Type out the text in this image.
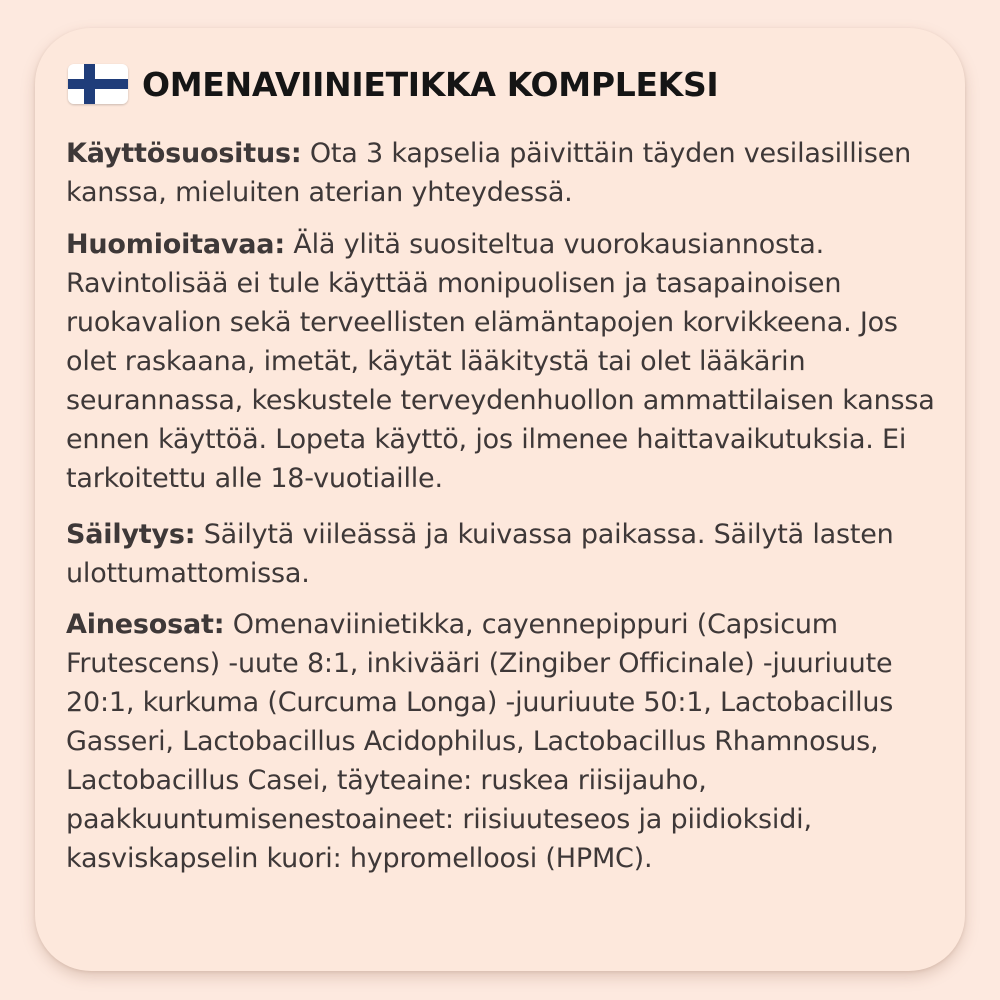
OMENAVIINIETIKKA KOMPLEKSI

Käyttösuositus: Ota 3 kapselia päivittäin täyden vesilasillisen kanssa, mieluiten aterian yhteydessä.

Huomioitavaa: Älä ylitä suositeltua vuorokausiannosta. Ravintolisää ei tule käyttää monipuolisen ja tasapainoisen ruokavalion sekä terveellisten elämäntapojen korvikkeena. Jos olet raskaana, imetät, käytät lääkitystä tai olet lääkärin seurannassa, keskustele terveydenhuollon ammattilaisen kanssa ennen käyttöä. Lopeta käyttö, jos ilmenee haittavaikutuksia. Ei tarkoitettu alle 18-vuotiaille.

Säilytys: Säilytä viileässä ja kuivassa paikassa. Säilytä lasten ulottumattomissa.

Ainesosat: Omenaviinietikka, cayennepippuri (Capsicum Frutescens) -uute 8:1, inkivääri (Zingiber Officinale) -juuriuute 20:1, kurkuma (Curcuma Longa) -juuriuute 50:1, Lactobacillus Gasseri, Lactobacillus Acidophilus, Lactobacillus Rhamnosus, Lactobacillus Casei, täyteaine: ruskea riisijauho, paakkuuntumisenestoaineet: riisiuuteseos ja piidioksidi, kasviskapselin kuori: hypromelloosi (HPMC).
